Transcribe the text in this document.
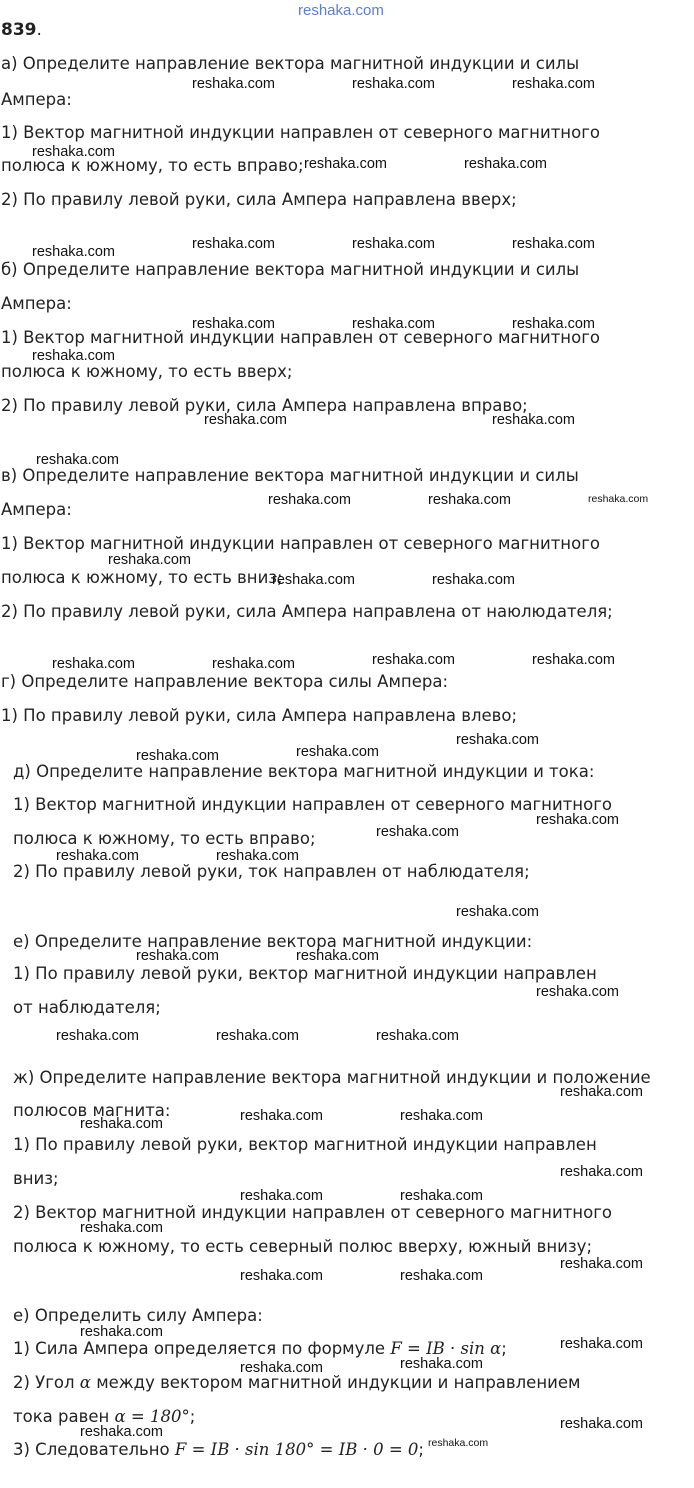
reshaka.com
839.
а) Определите направление вектора магнитной индукции и силы
Ампера:
1) Вектор магнитной индукции направлен от северного магнитного
полюса к южному, то есть вправо;
2) По правилу левой руки, сила Ампера направлена вверх;
б) Определите направление вектора магнитной индукции и силы
Ампера:
1) Вектор магнитной индукции направлен от северного магнитного
полюса к южному, то есть вверх;
2) По правилу левой руки, сила Ампера направлена вправо;
в) Определите направление вектора магнитной индукции и силы
Ампера:
1) Вектор магнитной индукции направлен от северного магнитного
полюса к южному, то есть вниз;
2) По правилу левой руки, сила Ампера направлена от наюлюдателя;
г) Определите направление вектора силы Ампера:
1) По правилу левой руки, сила Ампера направлена влево;
д) Определите направление вектора магнитной индукции и тока:
1) Вектор магнитной индукции направлен от северного магнитного
полюса к южному, то есть вправо;
2) По правилу левой руки, ток направлен от наблюдателя;
е) Определите направление вектора магнитной индукции:
1) По правилу левой руки, вектор магнитной индукции направлен
от наблюдателя;
ж) Определите направление вектора магнитной индукции и положение
полюсов магнита:
1) По правилу левой руки, вектор магнитной индукции направлен
вниз;
2) Вектор магнитной индукции направлен от северного магнитного
полюса к южному, то есть северный полюс вверху, южный внизу;
е) Определить силу Ампера:
1) Сила Ампера определяется по формуле F = IB · sin α;
2) Угол α между вектором магнитной индукции и направлением
тока равен α = 180°;
3) Следовательно F = IB · sin 180° = IB · 0 = 0;
reshaka.com	reshaka.com	reshaka.com
reshaka.com
reshaka.com	reshaka.com
reshaka.com	reshaka.com	reshaka.com
reshaka.com
reshaka.com	reshaka.com	reshaka.com
reshaka.com
reshaka.com	reshaka.com
reshaka.com
reshaka.com	reshaka.com	reshaka.com
reshaka.com
reshaka.com	reshaka.com
reshaka.com	reshaka.com	reshaka.com	reshaka.com
reshaka.com
reshaka.com
reshaka.com
reshaka.com
reshaka.com
reshaka.com	reshaka.com
reshaka.com
reshaka.com	reshaka.com
reshaka.com
reshaka.com	reshaka.com	reshaka.com
reshaka.com
reshaka.com	reshaka.com
reshaka.com
reshaka.com
reshaka.com	reshaka.com
reshaka.com
reshaka.com
reshaka.com	reshaka.com
reshaka.com
reshaka.com
reshaka.com
reshaka.com
reshaka.com
reshaka.com
reshaka.com
